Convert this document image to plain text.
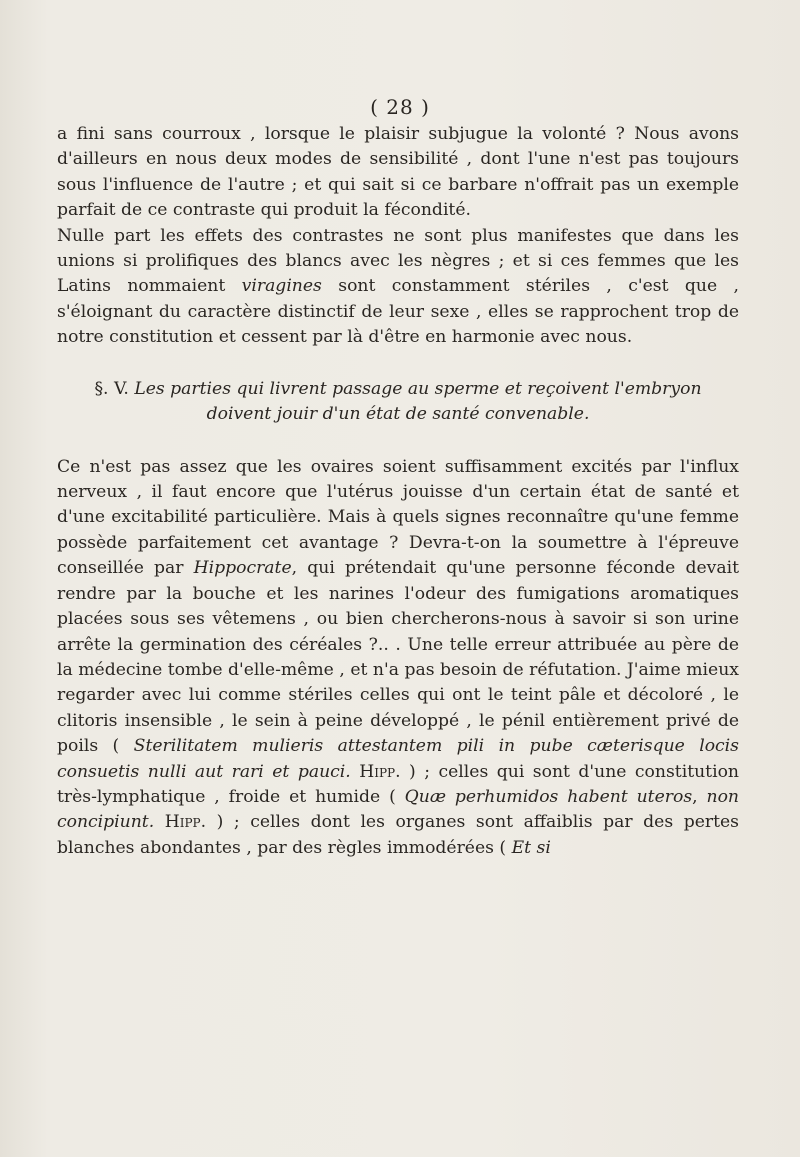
( 28 )

a fini sans courroux , lorsque le plaisir subjugue la volonté ? Nous avons d'ailleurs en nous deux modes de sensibilité , dont l'une n'est pas toujours sous l'influence de l'autre ; et qui sait si ce barbare n'offrait pas un exemple parfait de ce contraste qui produit la fécondité.

Nulle part les effets des contrastes ne sont plus manifestes que dans les unions si prolifiques des blancs avec les nègres ; et si ces femmes que les Latins nommaient viragines sont constamment stériles , c'est que , s'éloignant du caractère distinctif de leur sexe , elles se rapprochent trop de notre constitution et cessent par là d'être en harmonie avec nous.

§. V. Les parties qui livrent passage au sperme et reçoivent l'embryon doivent jouir d'un état de santé convenable.

Ce n'est pas assez que les ovaires soient suffisamment excités par l'influx nerveux , il faut encore que l'utérus jouisse d'un certain état de santé et d'une excitabilité particulière. Mais à quels signes reconnaître qu'une femme possède parfaitement cet avantage ? Devra-t-on la soumettre à l'épreuve conseillée par Hippocrate, qui prétendait qu'une personne féconde devait rendre par la bouche et les narines l'odeur des fumigations aromatiques placées sous ses vêtemens , ou bien chercherons-nous à savoir si son urine arrête la germination des céréales ?.. . Une telle erreur attribuée au père de la médecine tombe d'elle-même , et n'a pas besoin de réfutation. J'aime mieux regarder avec lui comme stériles celles qui ont le teint pâle et décoloré , le clitoris insensible , le sein à peine développé , le pénil entièrement privé de poils ( Sterilitatem mulieris attestantem pili in pube cæterisque locis consuetis nulli aut rari et pauci. Hipp. ) ; celles qui sont d'une constitution très-lymphatique , froide et humide ( Quæ perhumidos habent uteros, non concipiunt. Hipp. ) ; celles dont les organes sont affaiblis par des pertes blanches abondantes , par des règles immodérées ( Et si
